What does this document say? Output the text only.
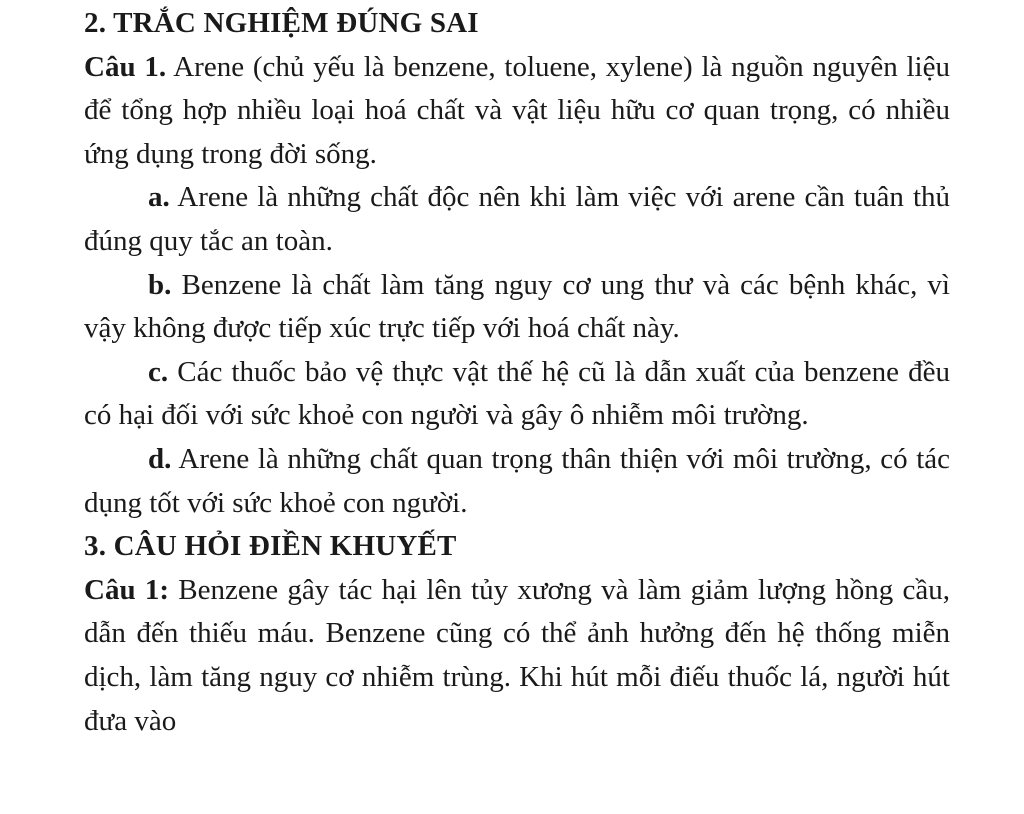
2. TRẮC NGHIỆM ĐÚNG SAI

Câu 1. Arene (chủ yếu là benzene, toluene, xylene) là nguồn nguyên liệu để tổng hợp nhiều loại hoá chất và vật liệu hữu cơ quan trọng, có nhiều ứng dụng trong đời sống.

a. Arene là những chất độc nên khi làm việc với arene cần tuân thủ đúng quy tắc an toàn.

b. Benzene là chất làm tăng nguy cơ ung thư và các bệnh khác, vì vậy không được tiếp xúc trực tiếp với hoá chất này.

c. Các thuốc bảo vệ thực vật thế hệ cũ là dẫn xuất của benzene đều có hại đối với sức khoẻ con người và gây ô nhiễm môi trường.

d. Arene là những chất quan trọng thân thiện với môi trường, có tác dụng tốt với sức khoẻ con người.

3. CÂU HỎI ĐIỀN KHUYẾT

Câu 1: Benzene gây tác hại lên tủy xương và làm giảm lượng hồng cầu, dẫn đến thiếu máu. Benzene cũng có thể ảnh hưởng đến hệ thống miễn dịch, làm tăng nguy cơ nhiễm trùng. Khi hút mỗi điếu thuốc lá, người hút đưa vào
